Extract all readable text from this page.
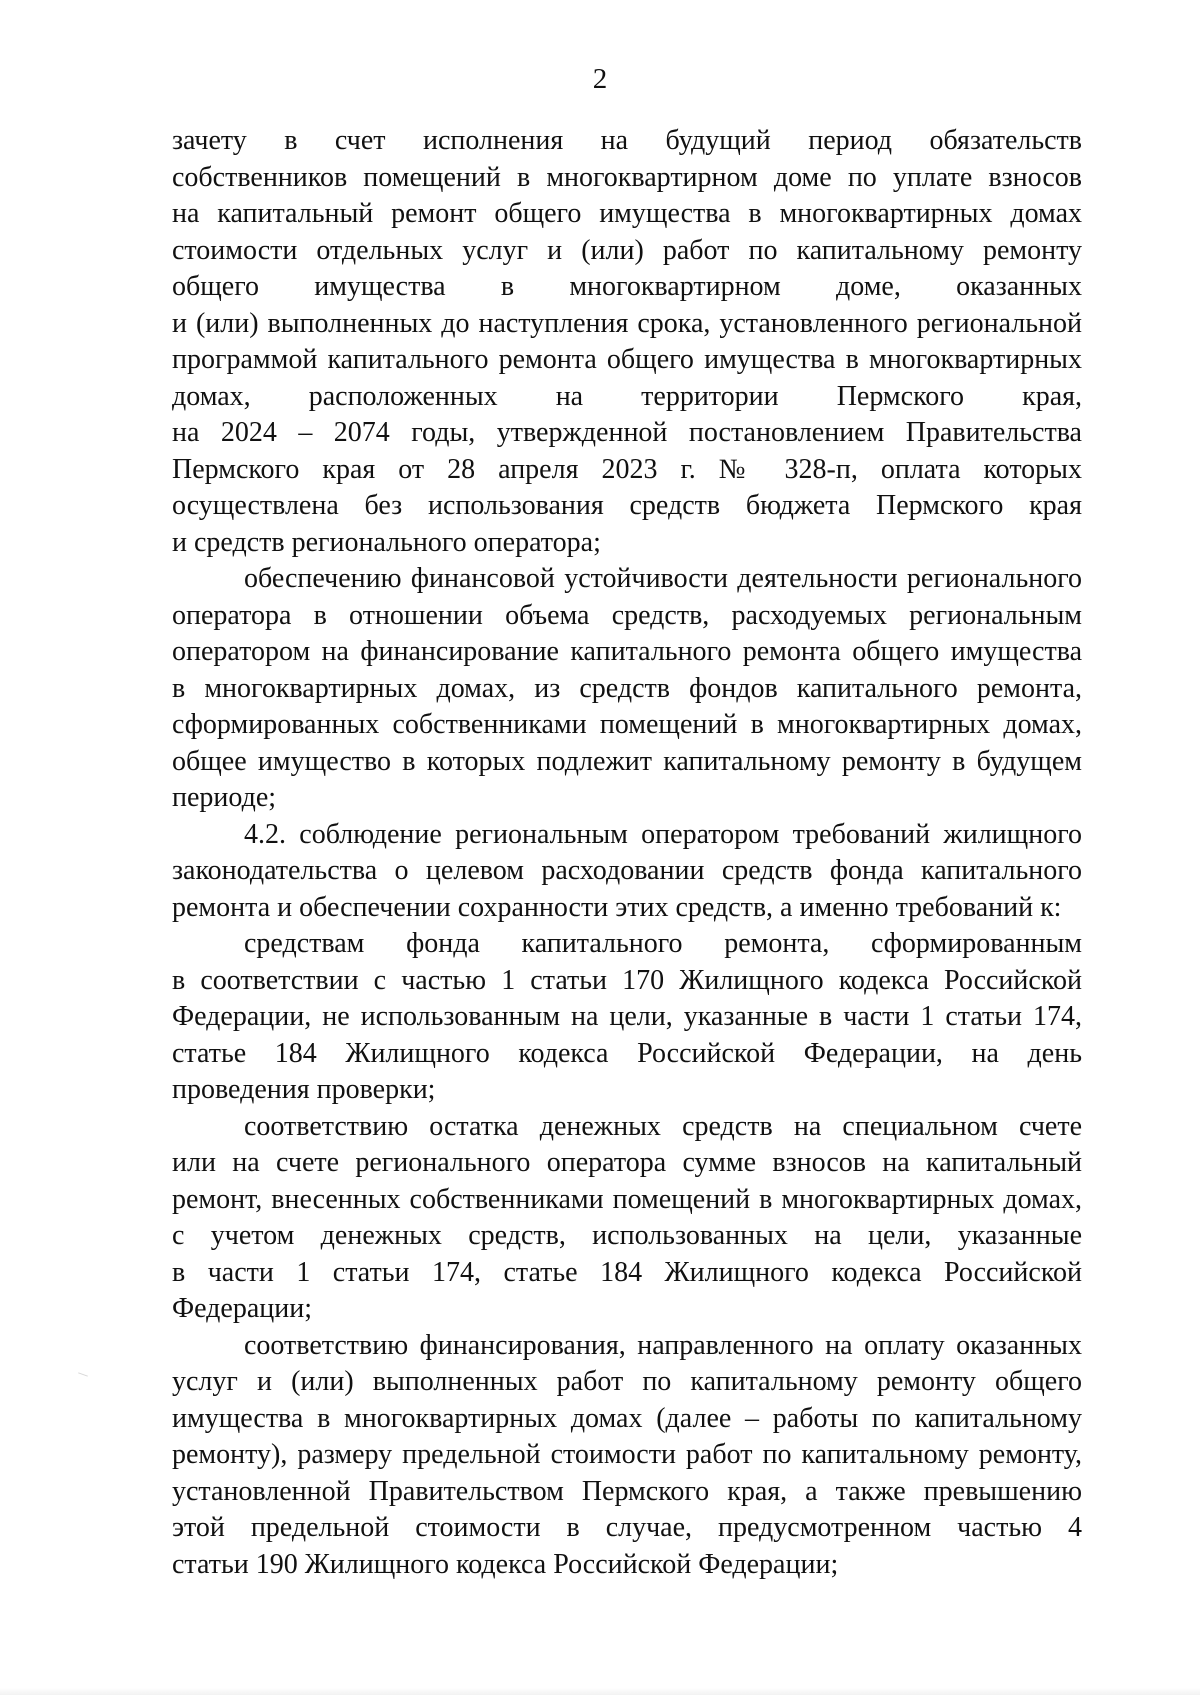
2
зачету в счет исполнения на будущий период обязательств
собственников помещений в многоквартирном доме по уплате взносов
на капитальный ремонт общего имущества в многоквартирных домах
стоимости отдельных услуг и (или) работ по капитальному ремонту
общего имущества в многоквартирном доме, оказанных
и (или) выполненных до наступления срока, установленного региональной
программой капитального ремонта общего имущества в многоквартирных
домах, расположенных на территории Пермского края,
на 2024 – 2074 годы, утвержденной постановлением Правительства
Пермского края от 28 апреля 2023 г. № 328-п, оплата которых
осуществлена без использования средств бюджета Пермского края
и средств регионального оператора;
обеспечению финансовой устойчивости деятельности регионального
оператора в отношении объема средств, расходуемых региональным
оператором на финансирование капитального ремонта общего имущества
в многоквартирных домах, из средств фондов капитального ремонта,
сформированных собственниками помещений в многоквартирных домах,
общее имущество в которых подлежит капитальному ремонту в будущем
периоде;
4.2. соблюдение региональным оператором требований жилищного
законодательства о целевом расходовании средств фонда капитального
ремонта и обеспечении сохранности этих средств, а именно требований к:
средствам фонда капитального ремонта, сформированным
в соответствии с частью 1 статьи 170 Жилищного кодекса Российской
Федерации, не использованным на цели, указанные в части 1 статьи 174,
статье 184 Жилищного кодекса Российской Федерации, на день
проведения проверки;
соответствию остатка денежных средств на специальном счете
или на счете регионального оператора сумме взносов на капитальный
ремонт, внесенных собственниками помещений в многоквартирных домах,
с учетом денежных средств, использованных на цели, указанные
в части 1 статьи 174, статье 184 Жилищного кодекса Российской
Федерации;
соответствию финансирования, направленного на оплату оказанных
услуг и (или) выполненных работ по капитальному ремонту общего
имущества в многоквартирных домах (далее – работы по капитальному
ремонту), размеру предельной стоимости работ по капитальному ремонту,
установленной Правительством Пермского края, а также превышению
этой предельной стоимости в случае, предусмотренном частью 4
статьи 190 Жилищного кодекса Российской Федерации;
